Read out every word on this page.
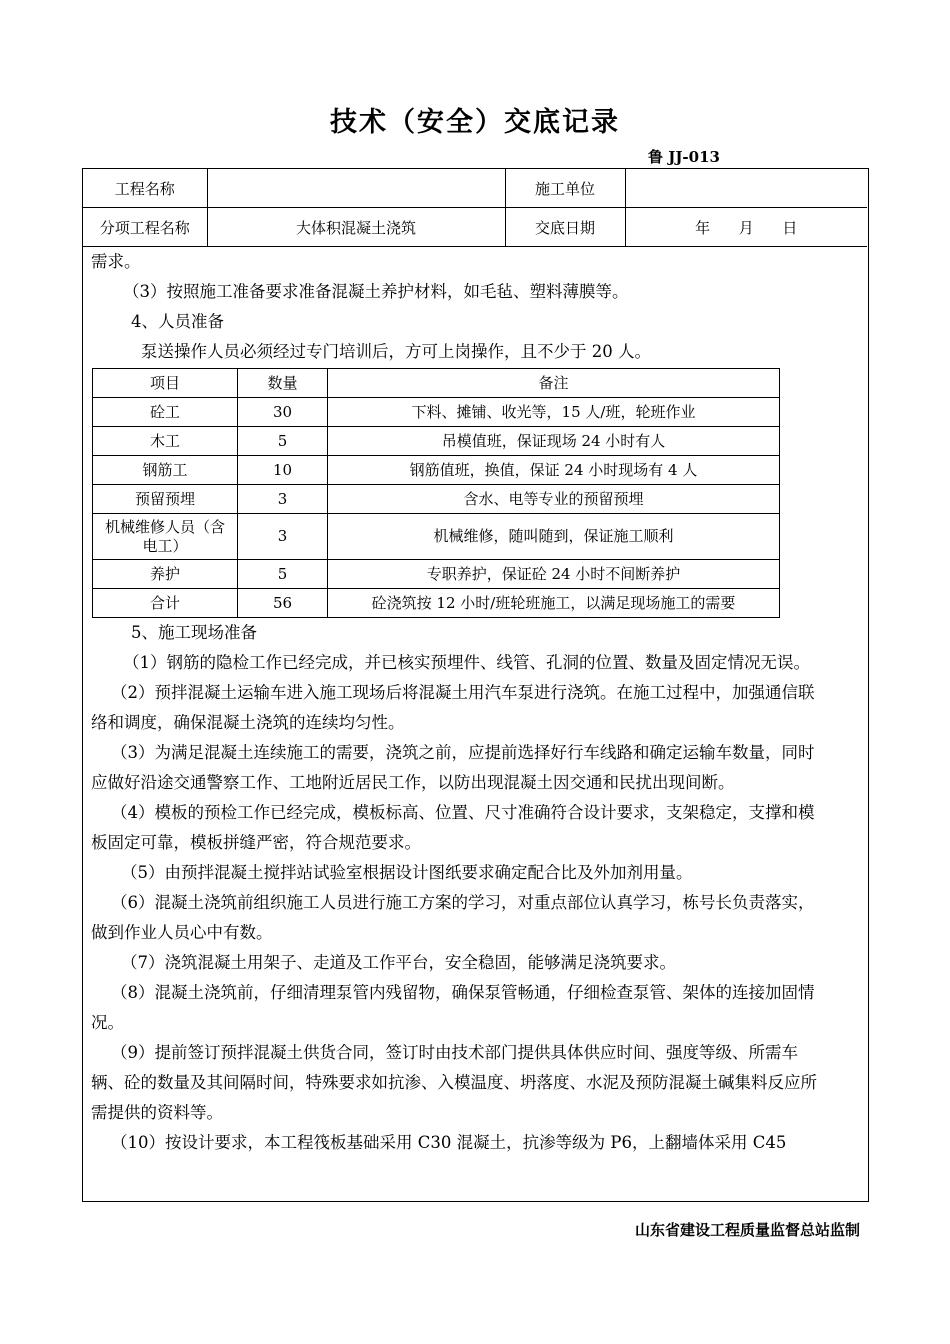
技术（安全）交底记录
鲁 JJ-013
工程名称		施工单位	
分项工程名称	大体积混凝土浇筑	交底日期	年      月      日
需求。
（3）按照施工准备要求准备混凝土养护材料，如毛毡、塑料薄膜等。
4、人员准备
泵送操作人员必须经过专门培训后，方可上岗操作，且不少于 20 人。
项目	数量	备注
砼工	30	下料、摊铺、收光等，15 人/班，轮班作业
木工	5	吊模值班，保证现场 24 小时有人
钢筋工	10	钢筋值班，换值，保证 24 小时现场有 4 人
预留预埋	3	含水、电等专业的预留预埋
机械维修人员（含电工）	3	机械维修，随叫随到，保证施工顺利
养护	5	专职养护，保证砼 24 小时不间断养护
合计	56	砼浇筑按 12 小时/班轮班施工，以满足现场施工的需要
5、施工现场准备
（1）钢筋的隐检工作已经完成，并已核实预埋件、线管、孔洞的位置、数量及固定情况无误。
（2）预拌混凝土运输车进入施工现场后将混凝土用汽车泵进行浇筑。在施工过程中，加强通信联络和调度，确保混凝土浇筑的连续均匀性。
（3）为满足混凝土连续施工的需要，浇筑之前，应提前选择好行车线路和确定运输车数量，同时应做好沿途交通警察工作、工地附近居民工作，以防出现混凝土因交通和民扰出现间断。
（4）模板的预检工作已经完成，模板标高、位置、尺寸准确符合设计要求，支架稳定，支撑和模板固定可靠，模板拼缝严密，符合规范要求。
（5）由预拌混凝土搅拌站试验室根据设计图纸要求确定配合比及外加剂用量。
（6）混凝土浇筑前组织施工人员进行施工方案的学习，对重点部位认真学习，栋号长负责落实，做到作业人员心中有数。
（7）浇筑混凝土用架子、走道及工作平台，安全稳固，能够满足浇筑要求。
（8）混凝土浇筑前，仔细清理泵管内残留物，确保泵管畅通，仔细检查泵管、架体的连接加固情况。
（9）提前签订预拌混凝土供货合同，签订时由技术部门提供具体供应时间、强度等级、所需车辆、砼的数量及其间隔时间，特殊要求如抗渗、入模温度、坍落度、水泥及预防混凝土碱集料反应所需提供的资料等。
（10）按设计要求，本工程筏板基础采用 C30 混凝土，抗渗等级为 P6，上翻墙体采用 C45
山东省建设工程质量监督总站监制
